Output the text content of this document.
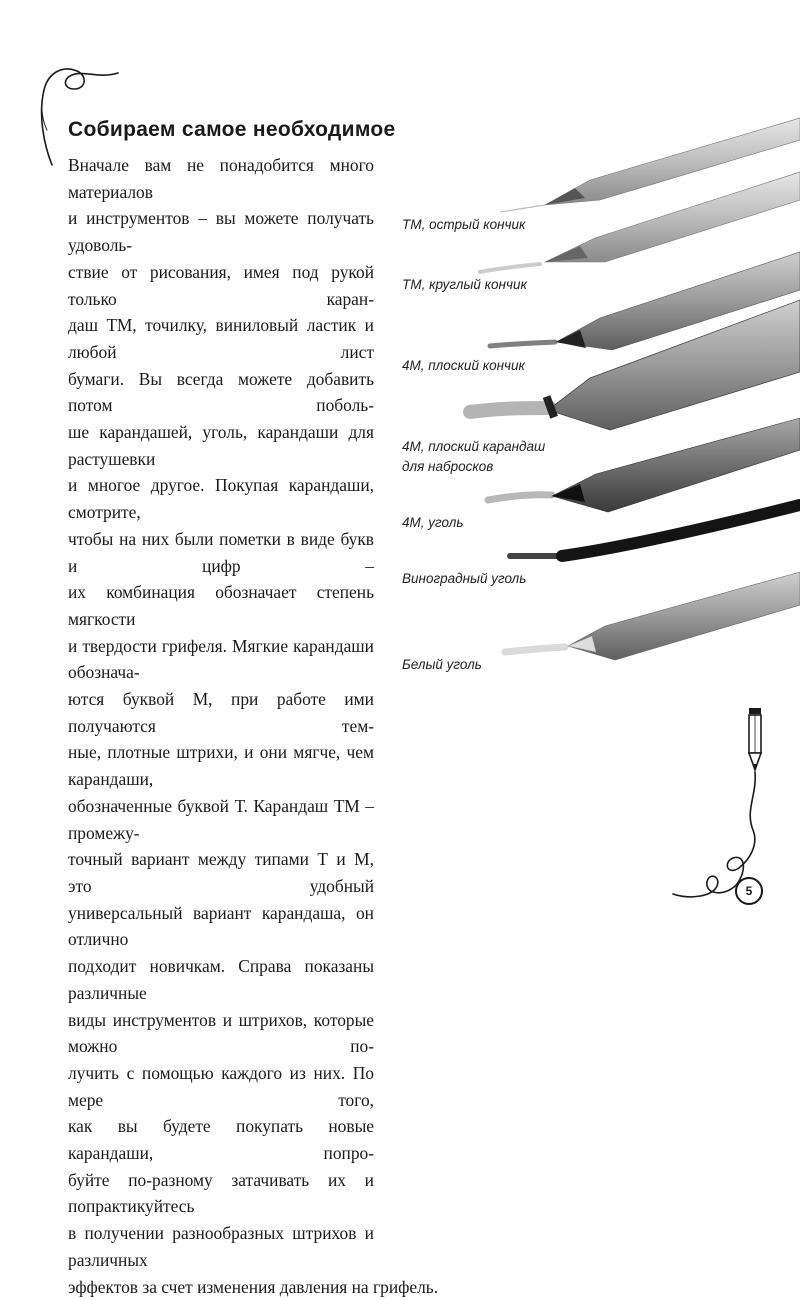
Собираем самое необходимое
Вначале вам не понадобится много материалов
и инструментов – вы можете получать удоволь-
ствие от рисования, имея под рукой только каран-
даш ТМ, точилку, виниловый ластик и любой лист
бумаги. Вы всегда можете добавить потом поболь-
ше карандашей, уголь, карандаши для растушевки
и многое другое. Покупая карандаши, смотрите,
чтобы на них были пометки в виде букв и цифр –
их комбинация обозначает степень мягкости
и твердости грифеля. Мягкие карандаши обознача-
ются буквой М, при работе ими получаются тем-
ные, плотные штрихи, и они мягче, чем карандаши,
обозначенные буквой Т. Карандаш ТМ – промежу-
точный вариант между типами Т и М, это удобный
универсальный вариант карандаша, он отлично
подходит новичкам. Справа показаны различные
виды инструментов и штрихов, которые можно по-
лучить с помощью каждого из них. По мере того,
как вы будете покупать новые карандаши, попро-
буйте по-разному затачивать их и попрактикуйтесь
в получении разнообразных штрихов и различных
эффектов за счет изменения давления на грифель.
ТМ, острый кончик
ТМ, круглый кончик
4М, плоский кончик
4М, плоский карандаш
для набросков
4М, уголь
Виноградный уголь
Белый уголь
5
